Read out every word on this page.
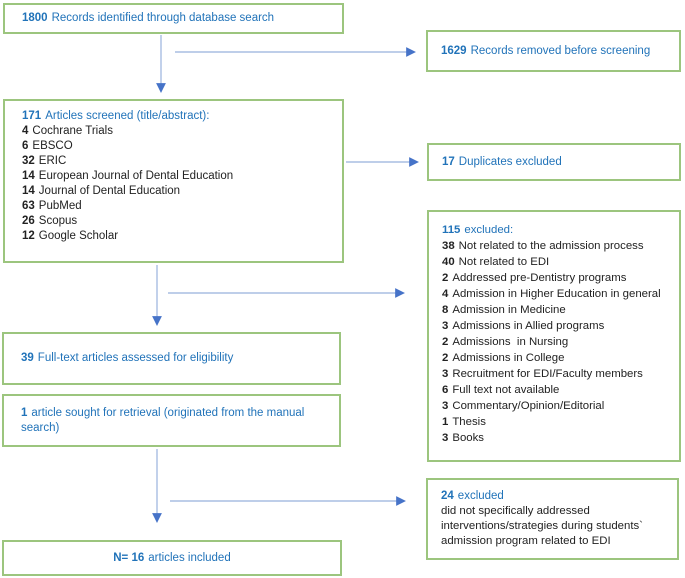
1800 Records identified through database search
1629 Records removed before screening
171 Articles screened (title/abstract):
4 Cochrane Trials
6 EBSCO
32 ERIC
14 European Journal of Dental Education
14 Journal of Dental Education
63 PubMed
26 Scopus
12 Google Scholar
17 Duplicates excluded
115 excluded:
38 Not related to the admission process
40 Not related to EDI
2 Addressed pre-Dentistry programs
4 Admission in Higher Education in general
8 Admission in Medicine
3 Admissions in Allied programs
2 Admissions  in Nursing
2 Admissions in College
3 Recruitment for EDI/Faculty members
6 Full text not available
3 Commentary/Opinion/Editorial
1 Thesis
3 Books
39 Full-text articles assessed for eligibility
1 article sought for retrieval (originated from the manual search)
24 excluded
did not specifically addressed interventions/strategies during students` admission program related to EDI
N= 16 articles included
